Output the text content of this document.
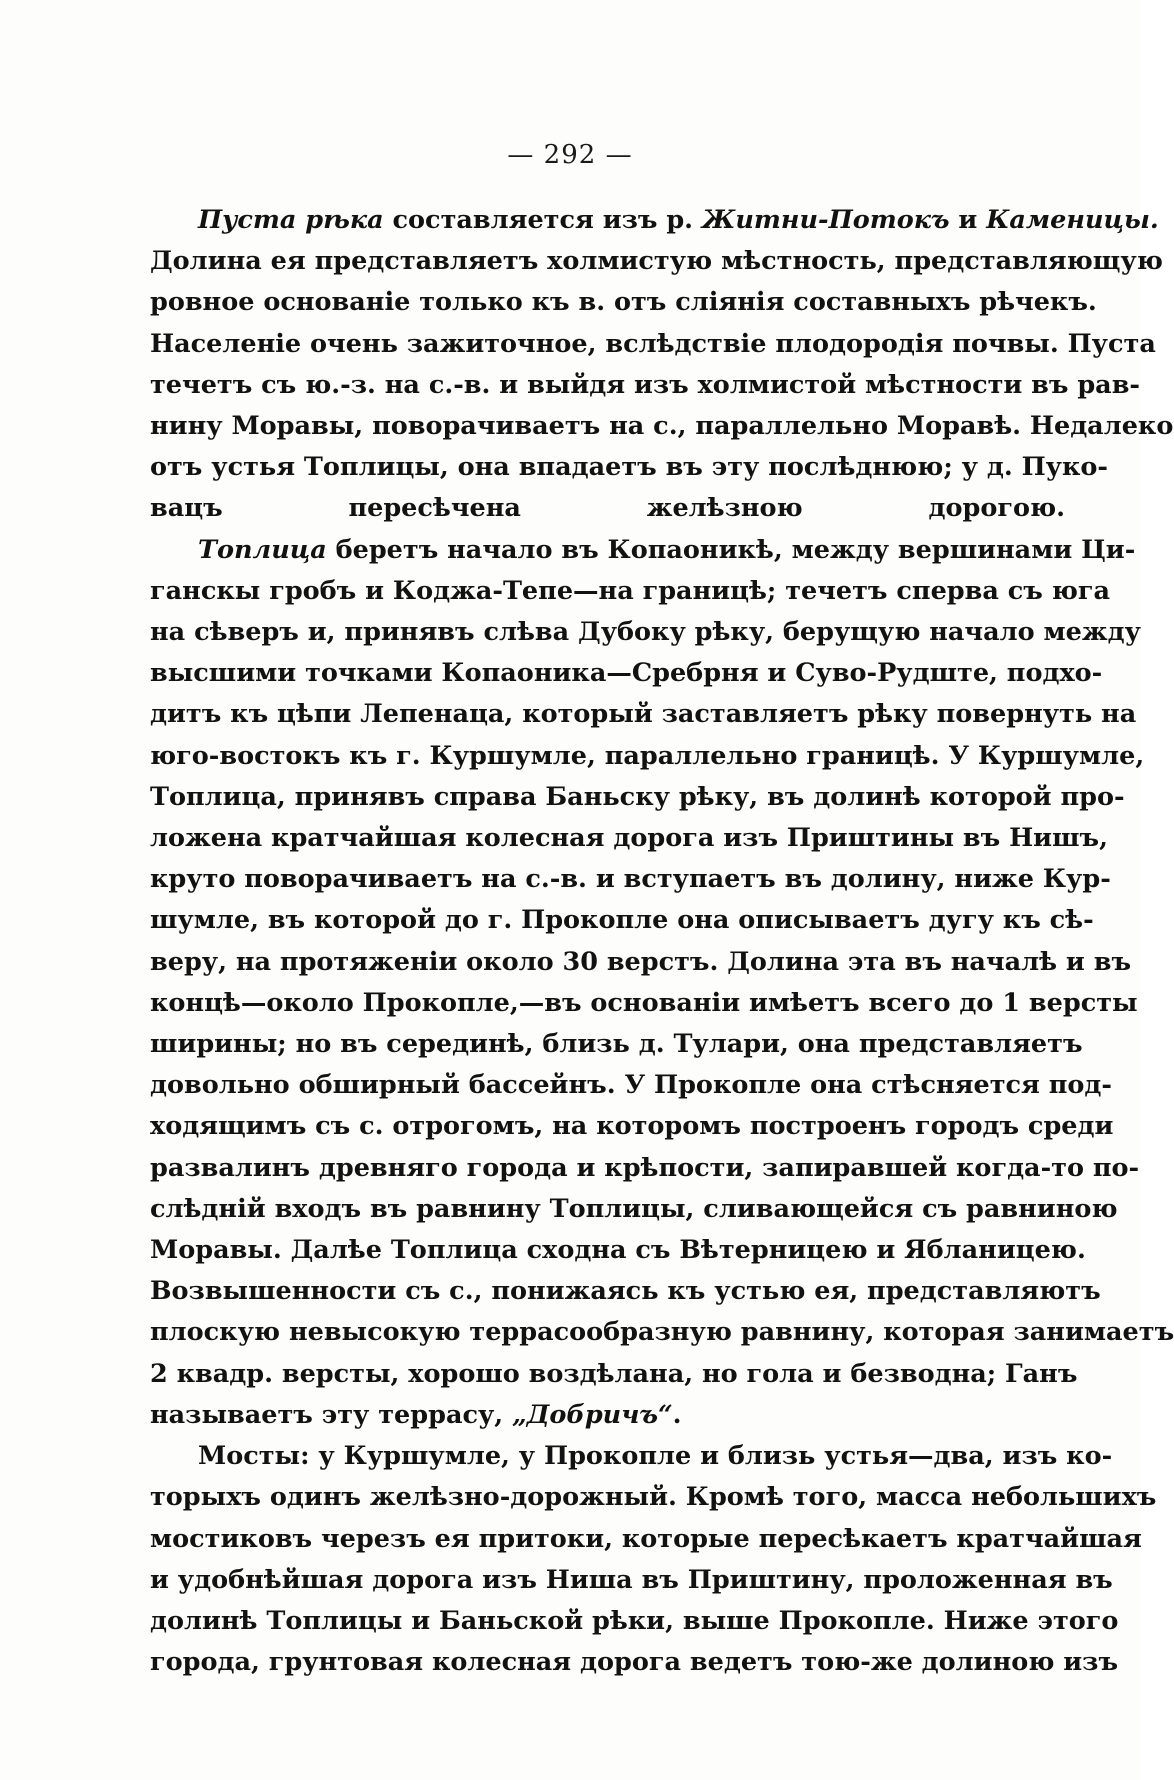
— 292 —
Пуста рѣка составляется изъ р. Житни-Потокъ и Каменицы.
Долина ея представляетъ холмистую мѣстность, представляющую
ровное основаніе только къ в. отъ сліянія составныхъ рѣчекъ.
Населеніе очень зажиточное, вслѣдствіе плодородія почвы. Пуста
течетъ съ ю.-з. на с.-в. и выйдя изъ холмистой мѣстности въ рав-
нину Моравы, поворачиваетъ на с., параллельно Моравѣ. Недалеко
отъ устья Топлицы, она впадаетъ въ эту послѣднюю; у д. Пуко-
вацъ пересѣчена желѣзною дорогою.
Топлица беретъ начало въ Копаоникѣ, между вершинами Ци-
ганскы гробъ и Коджа-Тепе—на границѣ; течетъ сперва съ юга
на сѣверъ и, принявъ слѣва Дубоку рѣку, берущую начало между
высшими точками Копаоника—Сребрня и Суво-Рудште, подхо-
дитъ къ цѣпи Лепенаца, который заставляетъ рѣку повернуть на
юго-востокъ къ г. Куршумле, параллельно границѣ. У Куршумле,
Топлица, принявъ справа Баньску рѣку, въ долинѣ которой про-
ложена кратчайшая колесная дорога изъ Приштины въ Нишъ,
круто поворачиваетъ на с.-в. и вступаетъ въ долину, ниже Кур-
шумле, въ которой до г. Прокопле она описываетъ дугу къ сѣ-
веру, на протяженіи около 30 верстъ. Долина эта въ началѣ и въ
концѣ—около Прокопле,—въ основаніи имѣетъ всего до 1 версты
ширины; но въ серединѣ, близь д. Тулари, она представляетъ
довольно обширный бассейнъ. У Прокопле она стѣсняется под-
ходящимъ съ с. отрогомъ, на которомъ построенъ городъ среди
развалинъ древняго города и крѣпости, запиравшей когда-то по-
слѣдній входъ въ равнину Топлицы, сливающейся съ равниною
Моравы. Далѣе Топлица сходна съ Вѣтерницею и Ябланицею.
Возвышенности съ с., понижаясь къ устью ея, представляютъ
плоскую невысокую террасообразную равнину, которая занимаетъ
2 квадр. версты, хорошо воздѣлана, но гола и безводна; Ганъ
называетъ эту террасу, „Добричъ“.
Мосты: у Куршумле, у Прокопле и близь устья—два, изъ ко-
торыхъ одинъ желѣзно-дорожный. Кромѣ того, масса небольшихъ
мостиковъ черезъ ея притоки, которые пересѣкаетъ кратчайшая
и удобнѣйшая дорога изъ Ниша въ Приштину, проложенная въ
долинѣ Топлицы и Баньской рѣки, выше Прокопле. Ниже этого
города, грунтовая колесная дорога ведетъ тою-же долиною изъ
